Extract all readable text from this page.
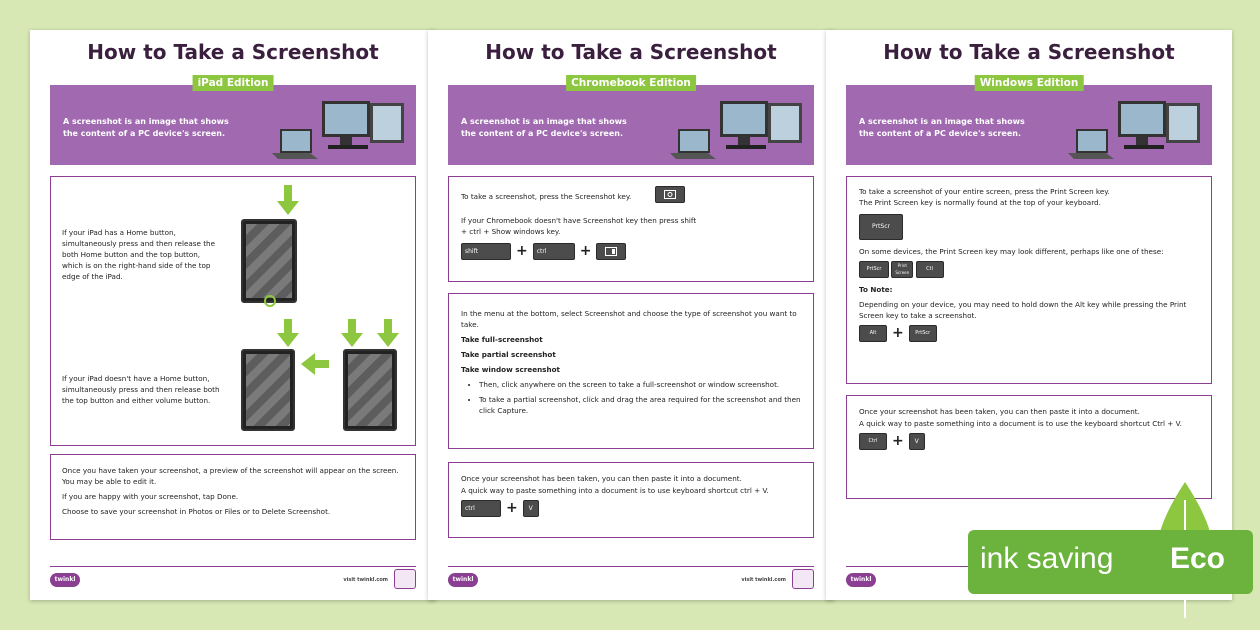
How to Take a Screenshot
A screenshot is an image that shows the content of a PC device's screen.
iPad Edition
If your iPad has a Home button, simultaneously press and then release the both Home button and the top button, which is on the right-hand side of the top edge of the iPad.
If your iPad doesn't have a Home button, simultaneously press and then release both the top button and either volume button.

Once you have taken your screenshot, a preview of the screenshot will appear on the screen. You may be able to edit it.

If you are happy with your screenshot, tap Done.

Choose to save your screenshot in Photos or Files or to Delete Screenshot.

twinkl	visit twinkl.com
How to Take a Screenshot
A screenshot is an image that shows the content of a PC device's screen.
Chromebook Edition
To take a screenshot, press the Screenshot key.

If your Chromebook doesn't have Screenshot key then press shift + ctrl + Show windows key.

shift	+ ctrl +

In the menu at the bottom, select Screenshot and choose the type of screenshot you want to take.

Take full-screenshot

Take partial screenshot

Take window screenshot

• Then, click anywhere on the screen to take a full-screenshot or window screenshot.
• To take a partial screenshot, click and drag the area required for the screenshot and then click Capture.

Once your screenshot has been taken, you can then paste it into a document.

A quick way to paste something into a document is to use keyboard shortcut ctrl + V.

ctrl + V
twinkl	visit twinkl.com
How to Take a Screenshot
A screenshot is an image that shows the content of a PC device's screen.
Windows Edition

To take a screenshot of your entire screen, press the Print Screen key.

The Print Screen key is normally found at the top of your keyboard.

PrtScr

On some devices, the Print Screen key may look different, perhaps like one of these:

PrtScr Print Screen Ctl

To Note:

Depending on your device, you may need to hold down the Alt key while pressing the Print Screen key to take a screenshot.

Alt + PrtScr

Once your screenshot has been taken, you can then paste it into a document.

A quick way to paste something into a document is to use the keyboard shortcut Ctrl + V.

Ctrl + V
twinkl
ink saving Eco
